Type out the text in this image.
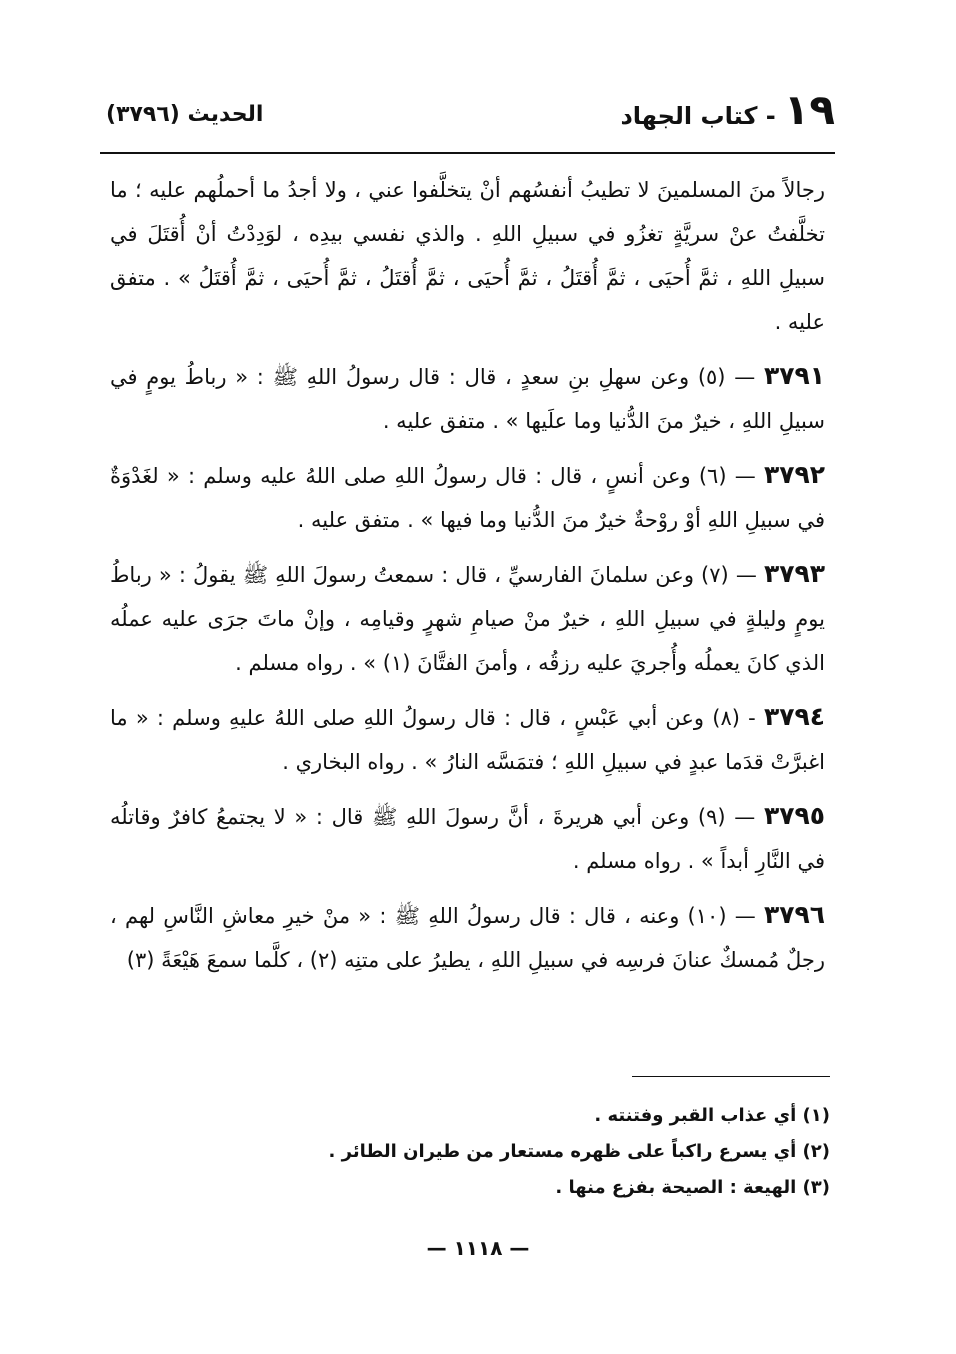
١٩
- كتاب الجهاد
الحديث (٣٧٩٦)

رجالاً منَ المسلمينَ لا تطيبُ أنفسُهم أنْ يتخلَّفوا عني ، ولا أجدُ ما أحملُهم عليه ؛ ما تخلَّفتُ عنْ سريَّةٍ تغزُو في سبيلِ اللهِ . والذي نفسي بيدِه ، لوَدِدْتُ أنْ أُقتَلَ في سبيلِ اللهِ ، ثمَّ أُحيَى ، ثمَّ أُقتَلُ ، ثمَّ أُحيَى ، ثمَّ أُقتَلُ ، ثمَّ أُحيَى ، ثمَّ أُقتَلُ » . متفق عليه .

٣٧٩١ — (٥) وعن سهلِ بنِ سعدٍ ، قال : قال رسولُ اللهِ ﷺ : « رباطُ يومٍ في سبيلِ اللهِ ، خيرٌ منَ الدُّنيا وما علَيها » . متفق عليه .

٣٧٩٢ — (٦) وعن أنسٍ ، قال : قال رسولُ اللهِ صلى اللهُ عليه وسلم : « لغَدْوَةٌ في سبيلِ اللهِ أوْ روْحةٌ خيرٌ منَ الدُّنيا وما فيها » . متفق عليه .

٣٧٩٣ — (٧) وعن سلمانَ الفارسيِّ ، قال : سمعتُ رسولَ اللهِ ﷺ يقولُ : « رباطُ يومٍ وليلةٍ في سبيلِ اللهِ ، خيرٌ منْ صيامِ شهرٍ وقيامِه ، وإنْ ماتَ جرَى عليه عملُه الذي كانَ يعملُه وأُجريَ عليه رزقُه ، وأمنَ الفتَّانَ (١) » . رواه مسلم .

٣٧٩٤ - (٨) وعن أبي عَبْسٍ ، قال : قال رسولُ اللهِ صلى اللهُ عليهِ وسلم : « ما اغبرَّتْ قدَما عبدٍ في سبيلِ اللهِ ؛ فتمَسَّه النارُ » . رواه البخاري .

٣٧٩٥ — (٩) وعن أبي هريرةَ ، أنَّ رسولَ اللهِ ﷺ قال : « لا يجتمعُ كافرٌ وقاتلُه في النَّارِ أبداً » . رواه مسلم .

٣٧٩٦ — (١٠) وعنه ، قال : قال رسولُ اللهِ ﷺ : « منْ خيرِ معاشِ النَّاسِ لهم ، رجلٌ مُمسكٌ عنانَ فرسِه في سبيلِ اللهِ ، يطيرُ على متنِه (٢) ، كلَّما سمعَ هَيْعَةً (٣)

(١) أي عذاب القبر وفتنته .

(٢) أي يسرع راكباً على ظهره مستعار من طيران الطائر .

(٣) الهيعة : الصيحة بفزع منها .

— ١١١٨ —
